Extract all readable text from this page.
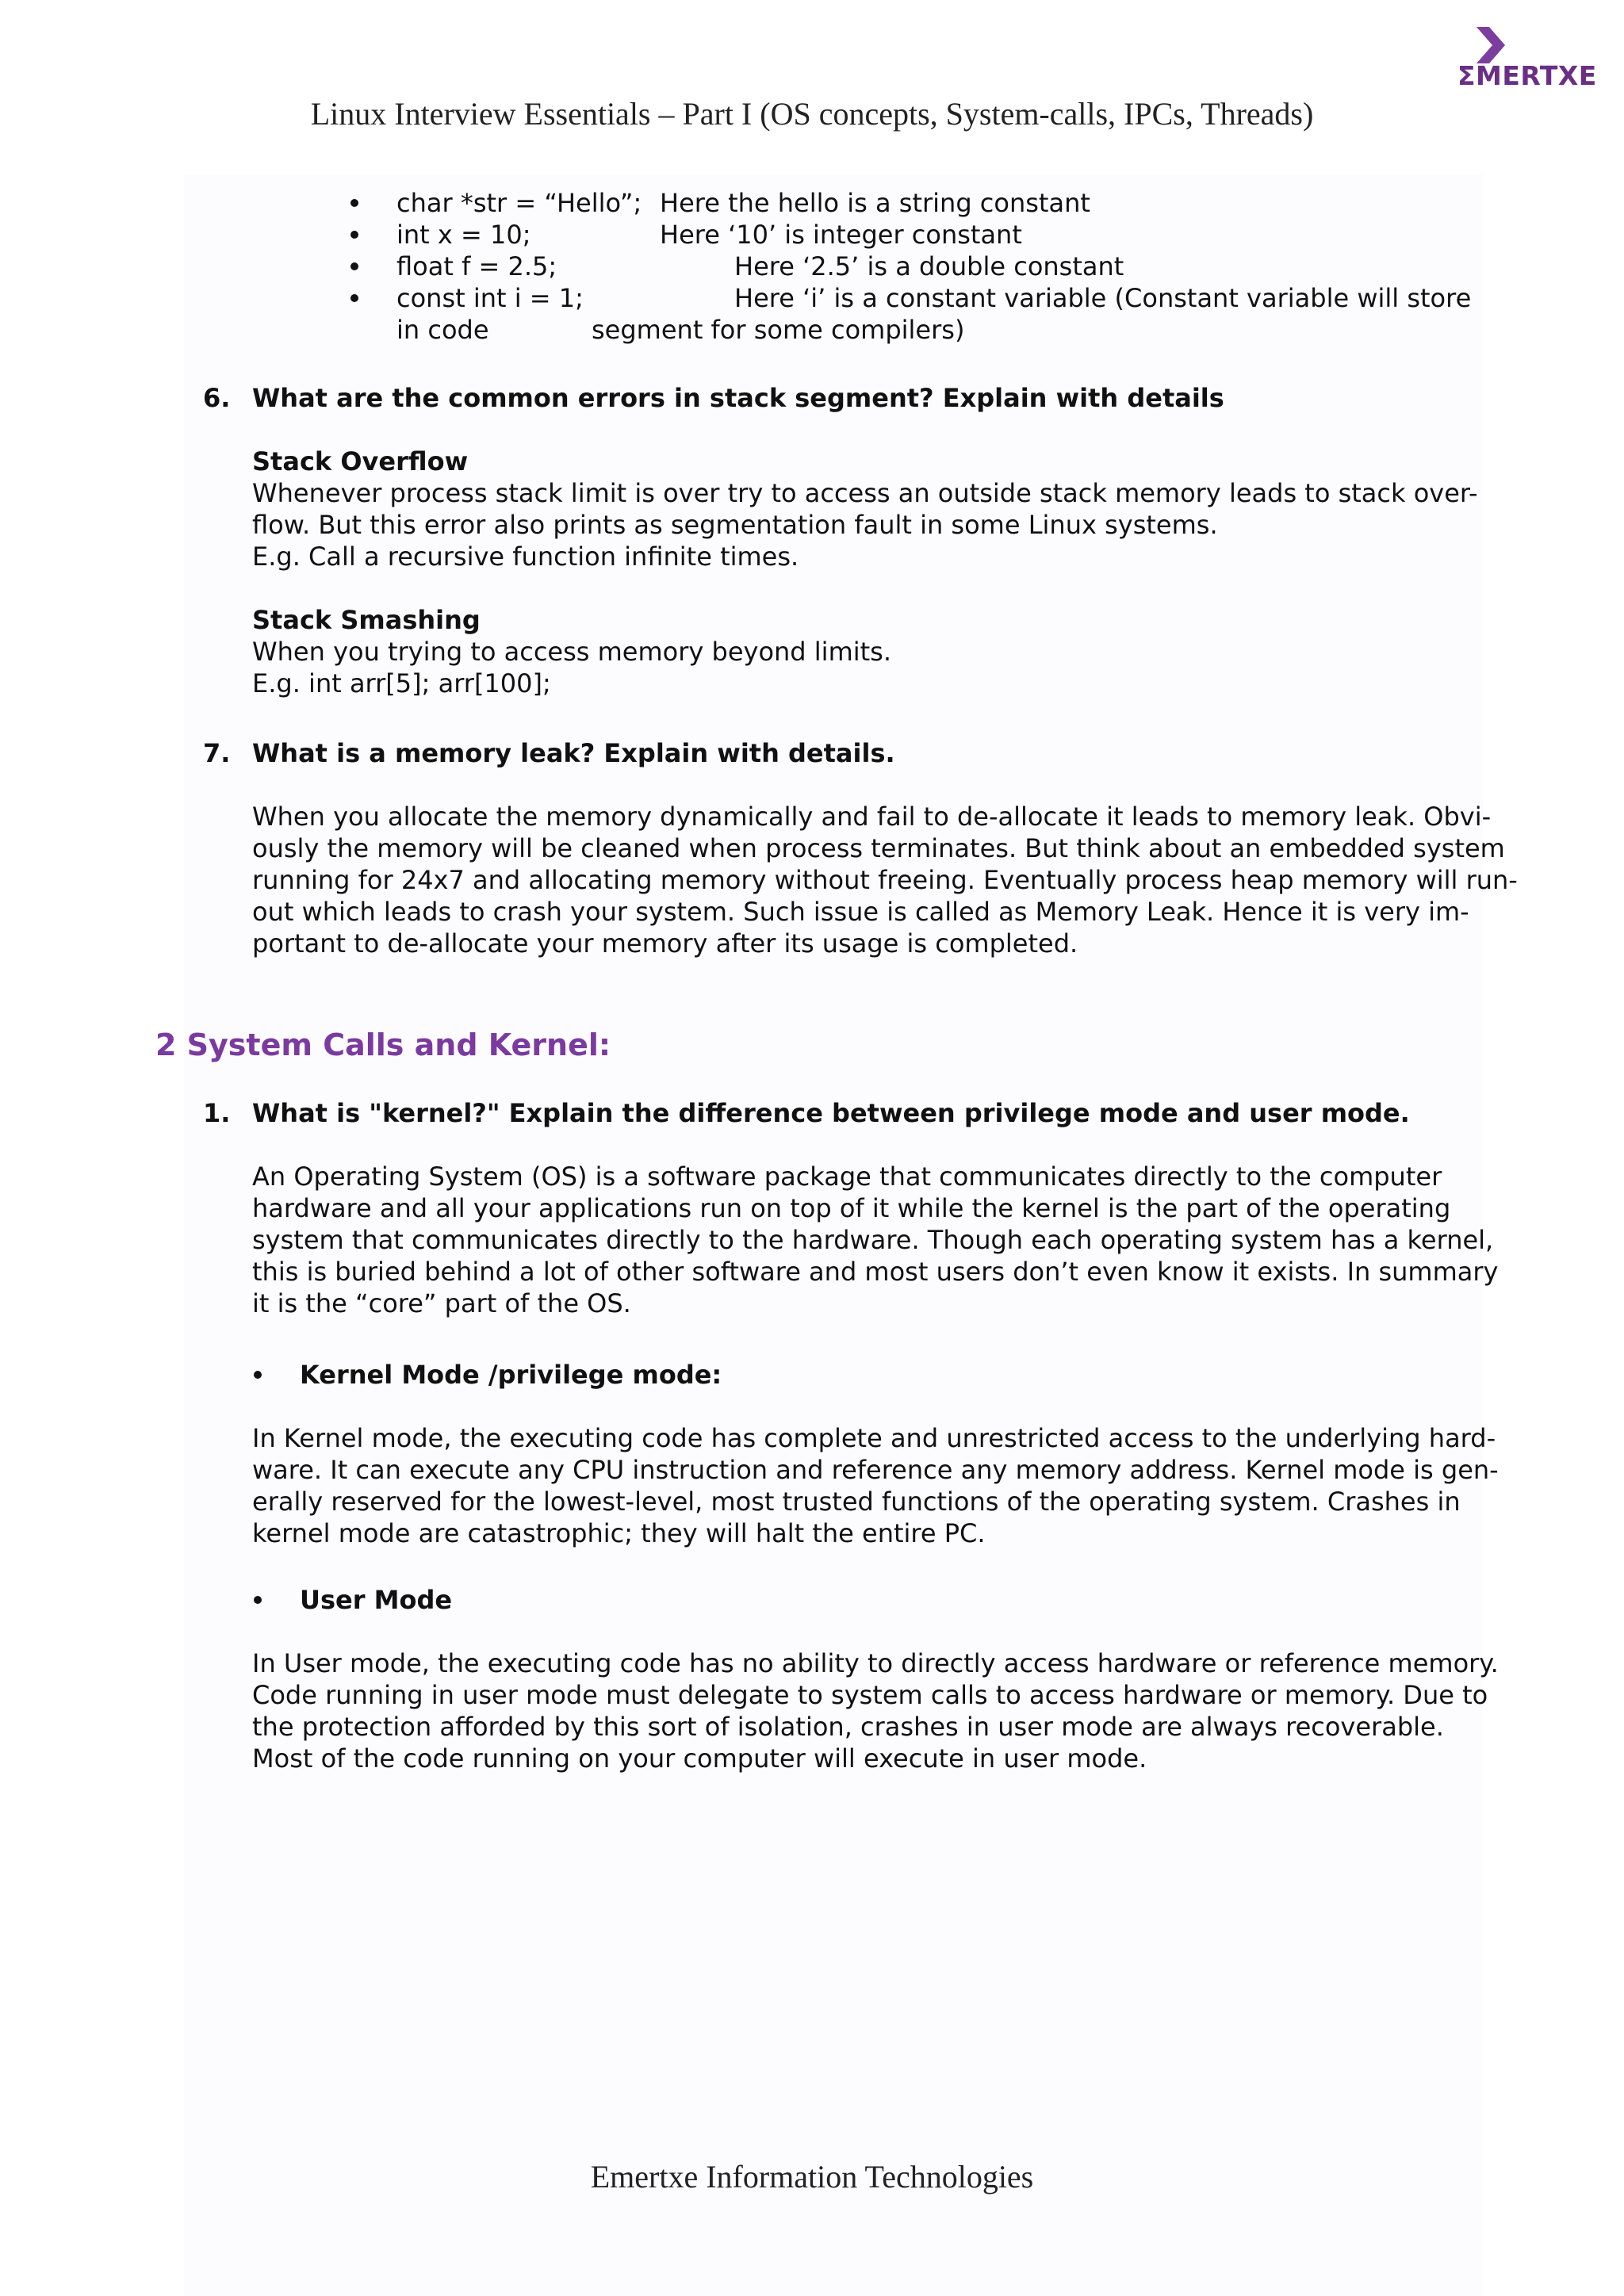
ΣMERTXE
Linux Interview Essentials – Part I (OS concepts, System-calls, IPCs, Threads)
char *str = “Hello”; Here the hello is a string constant
int x = 10;	Here ‘10’ is integer constant
float f = 2.5;	Here ‘2.5’ is a double constant
const int i = 1;	Here ‘i’ is a constant variable (Constant variable will store
in code	segment for some compilers)
6. What are the common errors in stack segment? Explain with details
Stack Overflow
Whenever process stack limit is over try to access an outside stack memory leads to stack over-
flow. But this error also prints as segmentation fault in some Linux systems.
E.g. Call a recursive function infinite times.
Stack Smashing
When you trying to access memory beyond limits.
E.g. int arr[5]; arr[100];
7. What is a memory leak? Explain with details.
When you allocate the memory dynamically and fail to de-allocate it leads to memory leak. Obvi-
ously the memory will be cleaned when process terminates. But think about an embedded system
running for 24x7 and allocating memory without freeing. Eventually process heap memory will run-
out which leads to crash your system. Such issue is called as Memory Leak. Hence it is very im-
portant to de-allocate your memory after its usage is completed.
2 System Calls and Kernel:
1. What is "kernel?" Explain the difference between privilege mode and user mode.
An Operating System (OS) is a software package that communicates directly to the computer
hardware and all your applications run on top of it while the kernel is the part of the operating
system that communicates directly to the hardware. Though each operating system has a kernel,
this is buried behind a lot of other software and most users don’t even know it exists. In summary
it is the “core” part of the OS.
Kernel Mode /privilege mode:
In Kernel mode, the executing code has complete and unrestricted access to the underlying hard-
ware. It can execute any CPU instruction and reference any memory address. Kernel mode is gen-
erally reserved for the lowest-level, most trusted functions of the operating system. Crashes in
kernel mode are catastrophic; they will halt the entire PC.
User Mode
In User mode, the executing code has no ability to directly access hardware or reference memory.
Code running in user mode must delegate to system calls to access hardware or memory. Due to
the protection afforded by this sort of isolation, crashes in user mode are always recoverable.
Most of the code running on your computer will execute in user mode.
Emertxe Information Technologies
